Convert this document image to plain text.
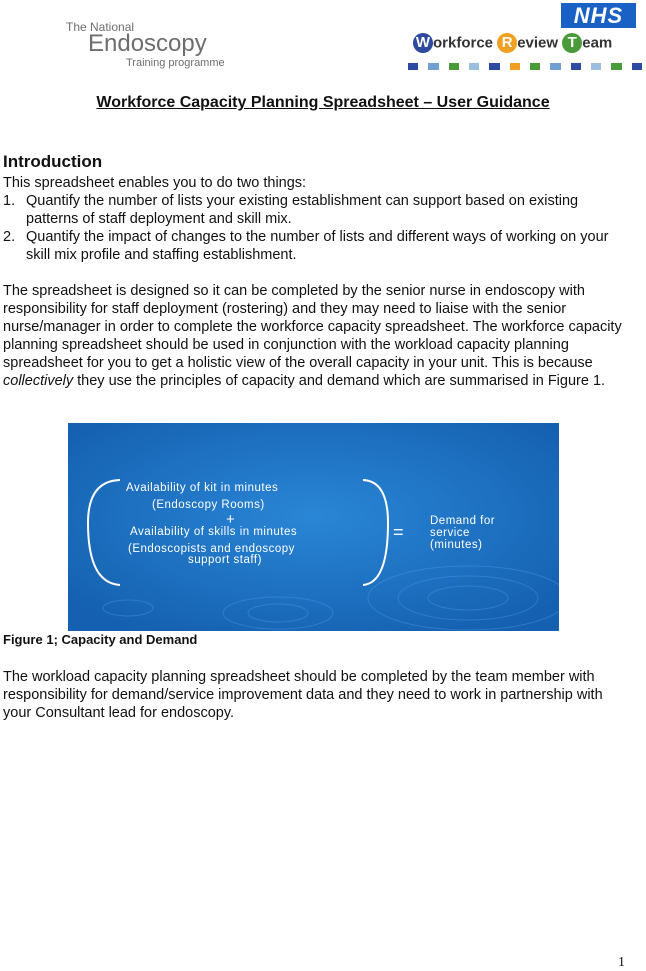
The National
Endoscopy
Training programme
NHS
W orkforce R eview T eam
Workforce Capacity Planning Spreadsheet – User Guidance
Introduction

This spreadsheet enables you to do two things:

1. Quantify the number of lists your existing establishment can support based on existing patterns of staff deployment and skill mix.
2. Quantify the impact of changes to the number of lists and different ways of working on your skill mix profile and staffing establishment.

The spreadsheet is designed so it can be completed by the senior nurse in endoscopy with responsibility for staff deployment (rostering) and they may need to liaise with the senior nurse/manager in order to complete the workforce capacity spreadsheet. The workforce capacity planning spreadsheet should be used in conjunction with the workload capacity planning spreadsheet for you to get a holistic view of the overall capacity in your unit. This is because collectively they use the principles of capacity and demand which are summarised in Figure 1.

Availability of kit in minutes
(Endoscopy Rooms)
+
Availability of skills in minutes
(Endoscopists and endoscopy
support staff)
=
Demand for
service
(minutes)
Figure 1; Capacity and Demand

The workload capacity planning spreadsheet should be completed by the team member with responsibility for demand/service improvement data and they need to work in partnership with your Consultant lead for endoscopy.

1
